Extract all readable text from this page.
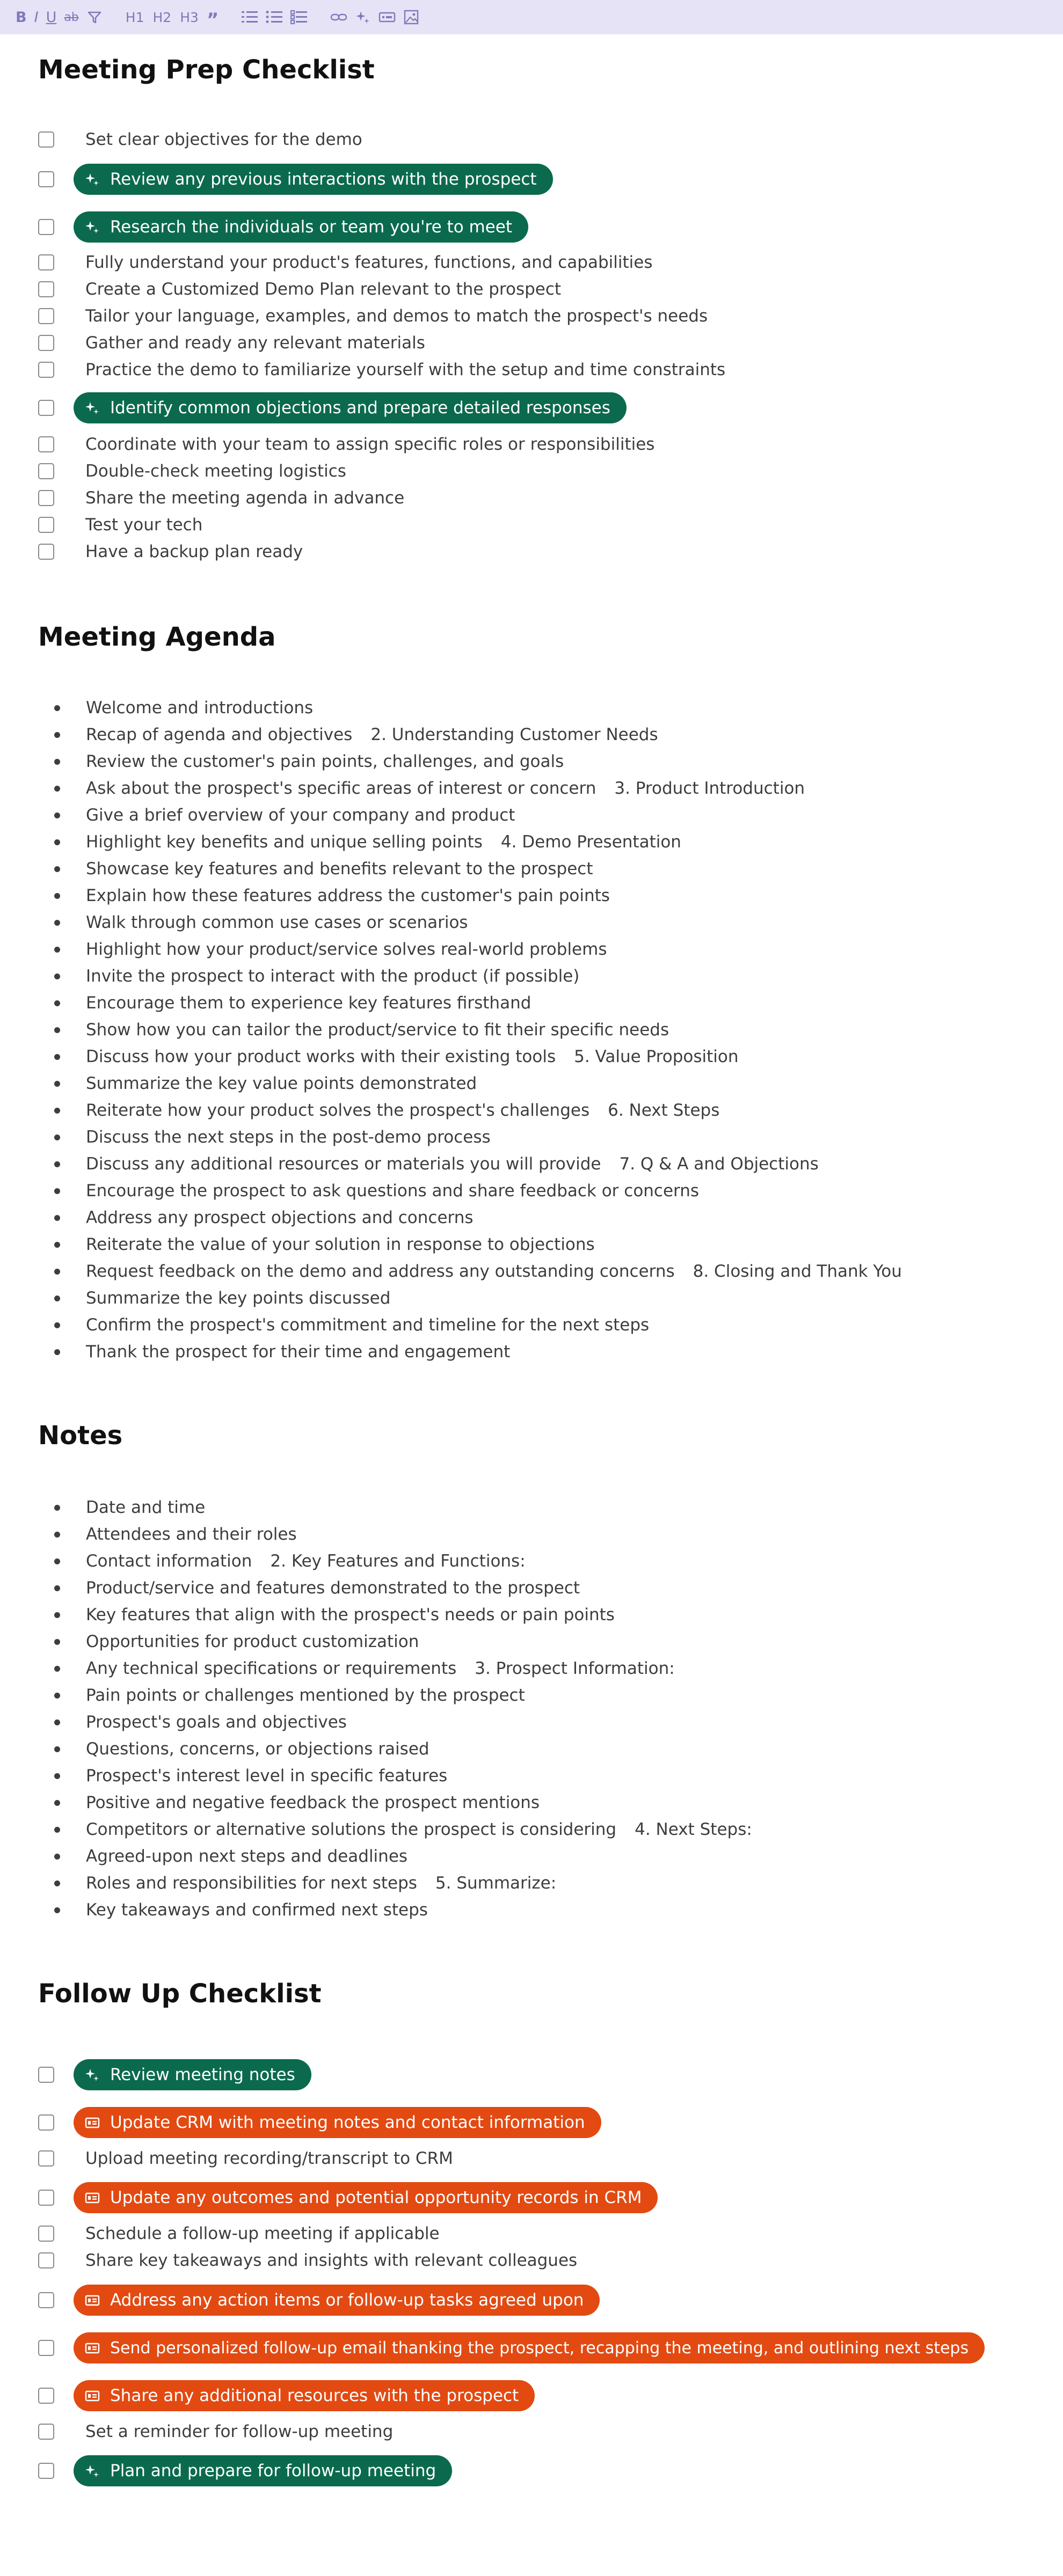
B I U ab	H1 H2 H3 ”
Meeting Prep Checklist
Set clear objectives for the demo
Review any previous interactions with the prospect
Research the individuals or team you're to meet
Fully understand your product's features, functions, and capabilities
Create a Customized Demo Plan relevant to the prospect
Tailor your language, examples, and demos to match the prospect's needs
Gather and ready any relevant materials
Practice the demo to familiarize yourself with the setup and time constraints
Identify common objections and prepare detailed responses
Coordinate with your team to assign specific roles or responsibilities
Double-check meeting logistics
Share the meeting agenda in advance
Test your tech
Have a backup plan ready
Meeting Agenda
Welcome and introductions
Recap of agenda and objectives 2. Understanding Customer Needs
Review the customer's pain points, challenges, and goals
Ask about the prospect's specific areas of interest or concern 3. Product Introduction
Give a brief overview of your company and product
Highlight key benefits and unique selling points 4. Demo Presentation
Showcase key features and benefits relevant to the prospect
Explain how these features address the customer's pain points
Walk through common use cases or scenarios
Highlight how your product/service solves real-world problems
Invite the prospect to interact with the product (if possible)
Encourage them to experience key features firsthand
Show how you can tailor the product/service to fit their specific needs
Discuss how your product works with their existing tools 5. Value Proposition
Summarize the key value points demonstrated
Reiterate how your product solves the prospect's challenges 6. Next Steps
Discuss the next steps in the post-demo process
Discuss any additional resources or materials you will provide 7. Q & A and Objections
Encourage the prospect to ask questions and share feedback or concerns
Address any prospect objections and concerns
Reiterate the value of your solution in response to objections
Request feedback on the demo and address any outstanding concerns 8. Closing and Thank You
Summarize the key points discussed
Confirm the prospect's commitment and timeline for the next steps
Thank the prospect for their time and engagement
Notes
Date and time
Attendees and their roles
Contact information 2. Key Features and Functions:
Product/service and features demonstrated to the prospect
Key features that align with the prospect's needs or pain points
Opportunities for product customization
Any technical specifications or requirements 3. Prospect Information:
Pain points or challenges mentioned by the prospect
Prospect's goals and objectives
Questions, concerns, or objections raised
Prospect's interest level in specific features
Positive and negative feedback the prospect mentions
Competitors or alternative solutions the prospect is considering 4. Next Steps:
Agreed-upon next steps and deadlines
Roles and responsibilities for next steps 5. Summarize:
Key takeaways and confirmed next steps
Follow Up Checklist
Review meeting notes
Update CRM with meeting notes and contact information
Upload meeting recording/transcript to CRM
Update any outcomes and potential opportunity records in CRM
Schedule a follow-up meeting if applicable
Share key takeaways and insights with relevant colleagues
Address any action items or follow-up tasks agreed upon
Send personalized follow-up email thanking the prospect, recapping the meeting, and outlining next steps
Share any additional resources with the prospect
Set a reminder for follow-up meeting
Plan and prepare for follow-up meeting
